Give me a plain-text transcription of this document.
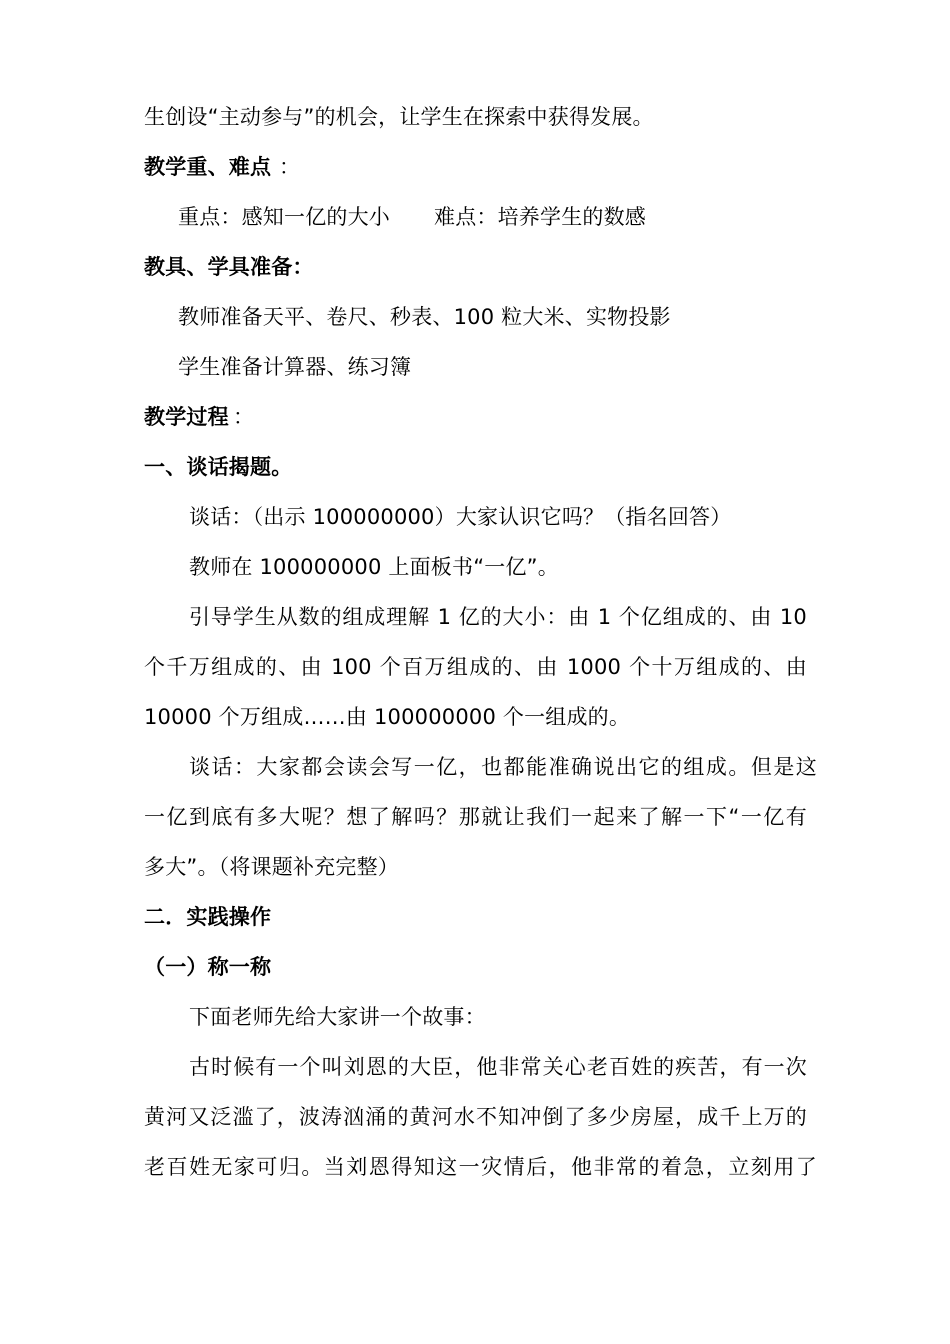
生创设“主动参与”的机会，让学生在探索中获得发展。
教学重、难点 ：
重点：感知一亿的大小 难点：培养学生的数感
教具、学具准备：
教师准备天平、卷尺、秒表、100 粒大米、实物投影
学生准备计算器、练习簿
教学过程 ：
一、谈话揭题。
谈话：（出示 100000000）大家认识它吗？（指名回答）
教师在 100000000 上面板书“一亿”。
引导学生从数的组成理解 1 亿的大小：由 1 个亿组成的、由 10
个千万组成的、由 100 个百万组成的、由 1000 个十万组成的、由
10000 个万组成……由 100000000 个一组成的。
谈话：大家都会读会写一亿，也都能准确说出它的组成。但是这
一亿到底有多大呢？想了解吗？那就让我们一起来了解一下“一亿有
多大”。（将课题补充完整）
二．实践操作
（一）称一称
下面老师先给大家讲一个故事：
古时候有一个叫刘恩的大臣，他非常关心老百姓的疾苦，有一次
黄河又泛滥了，波涛汹涌的黄河水不知冲倒了多少房屋，成千上万的
老百姓无家可归。当刘恩得知这一灾情后，他非常的着急，立刻用了
